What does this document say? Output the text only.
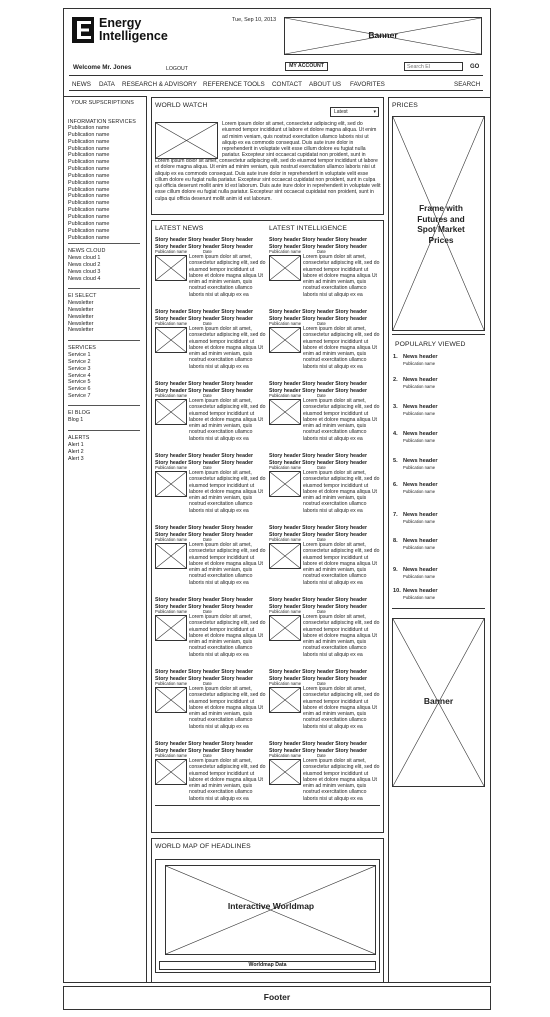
Energy
Intelligence
Tue, Sep 10, 2013
Banner
Welcome Mr. Jones	LOGOUT	MY ACCOUNT
Search EI	GO
NEWS DATA RESEARCH & ADVISORY REFERENCE TOOLS CONTACT ABOUT US FAVORITES	SEARCH
YOUR SUPSCRIPTIONS
INFORMATION SERVICES
Publication name
Publication name
Publication name
Publication name
Publication name
Publication name
Publication name
Publication name
Publication name
Publication name
Publication name
Publication name
Publication name
Publication name
Publication name
Publication name
Publication name
NEWS CLOUD
News cloud 1
News cloud 2
News cloud 3
News cloud 4
EI SELECT
Newsletter
Newsletter
Newsletter
Newsletter
Newsletter
SERVICES
Service 1
Service 2
Service 3
Service 4
Service 5
Service 6
Service 7
EI BLOG
Blog 1
ALERTS
Alert 1
Alert 2
Alert 3
WORLD WATCH
Latest	▾
Lorem ipsum dolor sit amet, consectetur adipiscing elit, sed do eiusmod tempor incididunt ut labore et dolore magna aliqua. Ut enim ad minim veniam, quis nostrud exercitation ullamco laboris nisi ut aliquip ex ea commodo consequat. Duis aute irure dolor in reprehenderit in voluptate velit esse cillum dolore eu fugiat nulla pariatur. Excepteur sint occaecat cupidatat non proident, sunt in
Lorem ipsum dolor sit amet, consectetur adipiscing elit, sed do eiusmod tempor incididunt ut labore et dolore magna aliqua. Ut enim ad minim veniam, quis nostrud exercitation ullamco laboris nisi ut aliquip ex ea commodo consequat. Duis aute irure dolor in reprehenderit in voluptate velit esse cillum dolore eu fugiat nulla pariatur. Excepteur sint occaecat cupidatat non proident, sunt in culpa qui officia deserunt mollit anim id est laborum. Duis aute irure dolor in reprehenderit in voluptate velit esse cillum dolore eu fugiat nulla pariatur. Excepteur sint occaecat cupidatat non proident, sunt in culpa qui officia deserunt mollit anim id est laborum.
LATEST NEWS	LATEST INTELLIGENCE
Story header Story header Story header Story header Story header Story header
Publication name	Date
Lorem ipsum dolor sit amet, consectetur adipiscing elit, sed do eiusmod tempor incididunt ut labore et dolore magna aliqua Ut enim ad minim veniam, quis nostrud exercitation ullamco laboris nisi ut aliquip ex ea
Story header Story header Story header Story header Story header Story header
Publication name	Date
Lorem ipsum dolor sit amet, consectetur adipiscing elit, sed do eiusmod tempor incididunt ut labore et dolore magna aliqua Ut enim ad minim veniam, quis nostrud exercitation ullamco laboris nisi ut aliquip ex ea
Story header Story header Story header Story header Story header Story header
Publication name	Date
Lorem ipsum dolor sit amet, consectetur adipiscing elit, sed do eiusmod tempor incididunt ut labore et dolore magna aliqua Ut enim ad minim veniam, quis nostrud exercitation ullamco laboris nisi ut aliquip ex ea
Story header Story header Story header Story header Story header Story header
Publication name	Date
Lorem ipsum dolor sit amet, consectetur adipiscing elit, sed do eiusmod tempor incididunt ut labore et dolore magna aliqua Ut enim ad minim veniam, quis nostrud exercitation ullamco laboris nisi ut aliquip ex ea
Story header Story header Story header Story header Story header Story header
Publication name	Date
Lorem ipsum dolor sit amet, consectetur adipiscing elit, sed do eiusmod tempor incididunt ut labore et dolore magna aliqua Ut enim ad minim veniam, quis nostrud exercitation ullamco laboris nisi ut aliquip ex ea
Story header Story header Story header Story header Story header Story header
Publication name	Date
Lorem ipsum dolor sit amet, consectetur adipiscing elit, sed do eiusmod tempor incididunt ut labore et dolore magna aliqua Ut enim ad minim veniam, quis nostrud exercitation ullamco laboris nisi ut aliquip ex ea
Story header Story header Story header Story header Story header Story header
Publication name	Date
Lorem ipsum dolor sit amet, consectetur adipiscing elit, sed do eiusmod tempor incididunt ut labore et dolore magna aliqua Ut enim ad minim veniam, quis nostrud exercitation ullamco laboris nisi ut aliquip ex ea
Story header Story header Story header Story header Story header Story header
Publication name	Date
Lorem ipsum dolor sit amet, consectetur adipiscing elit, sed do eiusmod tempor incididunt ut labore et dolore magna aliqua Ut enim ad minim veniam, quis nostrud exercitation ullamco laboris nisi ut aliquip ex ea
Story header Story header Story header Story header Story header Story header
Publication name	Date
Lorem ipsum dolor sit amet, consectetur adipiscing elit, sed do eiusmod tempor incididunt ut labore et dolore magna aliqua Ut enim ad minim veniam, quis nostrud exercitation ullamco laboris nisi ut aliquip ex ea
Story header Story header Story header Story header Story header Story header
Publication name	Date
Lorem ipsum dolor sit amet, consectetur adipiscing elit, sed do eiusmod tempor incididunt ut labore et dolore magna aliqua Ut enim ad minim veniam, quis nostrud exercitation ullamco laboris nisi ut aliquip ex ea
Story header Story header Story header Story header Story header Story header
Publication name	Date
Lorem ipsum dolor sit amet, consectetur adipiscing elit, sed do eiusmod tempor incididunt ut labore et dolore magna aliqua Ut enim ad minim veniam, quis nostrud exercitation ullamco laboris nisi ut aliquip ex ea
Story header Story header Story header Story header Story header Story header
Publication name	Date
Lorem ipsum dolor sit amet, consectetur adipiscing elit, sed do eiusmod tempor incididunt ut labore et dolore magna aliqua Ut enim ad minim veniam, quis nostrud exercitation ullamco laboris nisi ut aliquip ex ea
Story header Story header Story header Story header Story header Story header
Publication name	Date
Lorem ipsum dolor sit amet, consectetur adipiscing elit, sed do eiusmod tempor incididunt ut labore et dolore magna aliqua Ut enim ad minim veniam, quis nostrud exercitation ullamco laboris nisi ut aliquip ex ea
Story header Story header Story header Story header Story header Story header
Publication name	Date
Lorem ipsum dolor sit amet, consectetur adipiscing elit, sed do eiusmod tempor incididunt ut labore et dolore magna aliqua Ut enim ad minim veniam, quis nostrud exercitation ullamco laboris nisi ut aliquip ex ea
Story header Story header Story header Story header Story header Story header
Publication name	Date
Lorem ipsum dolor sit amet, consectetur adipiscing elit, sed do eiusmod tempor incididunt ut labore et dolore magna aliqua Ut enim ad minim veniam, quis nostrud exercitation ullamco laboris nisi ut aliquip ex ea
Story header Story header Story header Story header Story header Story header
Publication name	Date
Lorem ipsum dolor sit amet, consectetur adipiscing elit, sed do eiusmod tempor incididunt ut labore et dolore magna aliqua Ut enim ad minim veniam, quis nostrud exercitation ullamco laboris nisi ut aliquip ex ea
WORLD MAP OF HEADLINES
Interactive Worldmap
Worldmap Data
PRICES
Frame with Futures and Spot Market Prices
POPULARLY VIEWED
1. News header
Publication name
2. News header
Publication name
3. News header
Publication name
4. News header
Publication name
5. News header
Publication name
6. News header
Publication name
7. News header
Publication name
8. News header
Publication name
9. News header
Publication name
10. News header
Publication name
Banner
Footer
